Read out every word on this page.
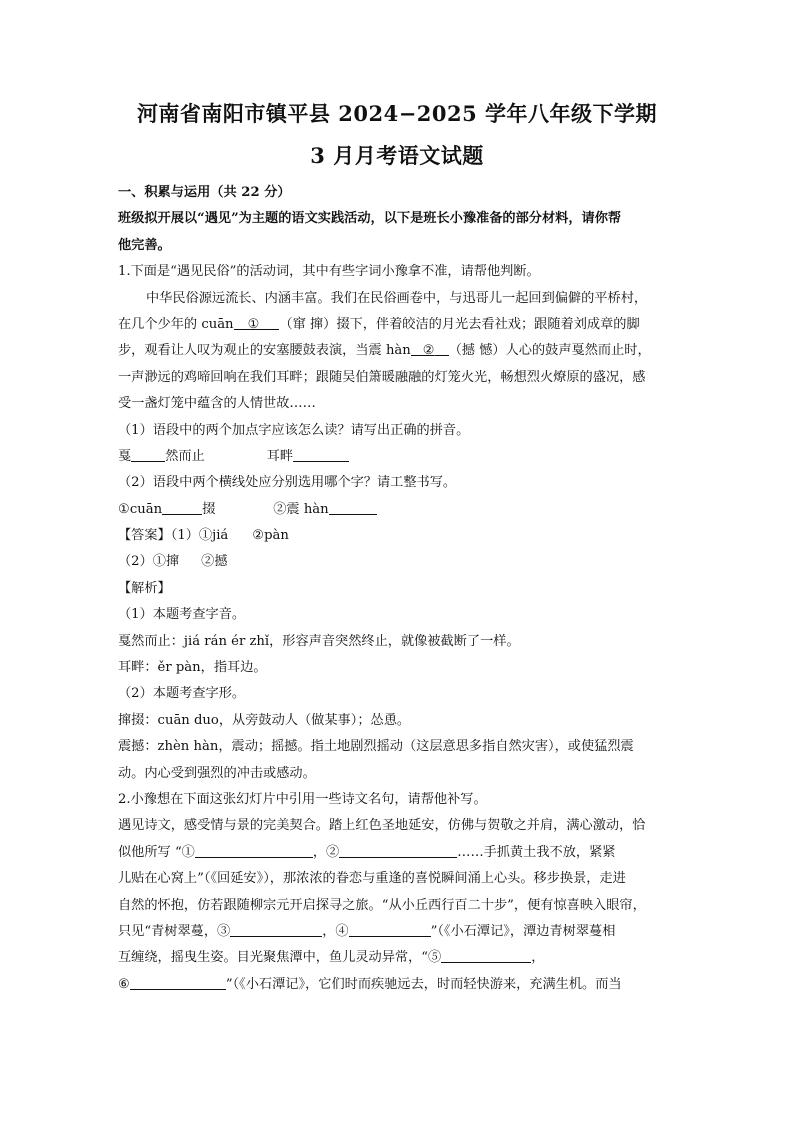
河南省南阳市镇平县 2024−2025 学年八年级下学期
3 月月考语文试题
一、积累与运用（共 22 分）
班级拟开展以“遇见”为主题的语文实践活动，以下是班长小豫准备的部分材料，请你帮
他完善。
1.下面是“遇见民俗”的活动词，其中有些字词小豫拿不准，请帮他判断。
中华民俗源远流长、内涵丰富。我们在民俗画卷中，与迅哥儿一起回到偏僻的平桥村，
在几个少年的 cuān ① （窜 撺）掇下，伴着皎洁的月光去看社戏；跟随着刘成章的脚
步，观看让人叹为观止的安塞腰鼓表演，当震 hàn ② （撼 憾）人心的鼓声戛然而止时，
一声渺远的鸡啼回响在我们耳畔；跟随吴伯箫暖融融的灯笼火光，畅想烈火燎原的盛况，感
受一盏灯笼中蕴含的人情世故……
（1）语段中的两个加点字应该怎么读？请写出正确的拼音。
戛	然而止	耳畔
（2）语段中两个横线处应分别选用哪个字？请工整书写。
①cuān	掇	②震 hàn
【答案】（1）①jiá ②pàn
（2）①撺 ②撼
【解析】
（1）本题考查字音。
戛然而止：jiá rán ér zhǐ，形容声音突然终止，就像被截断了一样。
耳畔：ěr pàn，指耳边。
（2）本题考查字形。
撺掇：cuān duo，从旁鼓动人（做某事）；怂恿。
震撼：zhèn hàn，震动；摇撼。指土地剧烈摇动（这层意思多指自然灾害），或使猛烈震
动。内心受到强烈的冲击或感动。
2.小豫想在下面这张幻灯片中引用一些诗文名句，请帮他补写。
遇见诗文，感受情与景的完美契合。踏上红色圣地延安，仿佛与贺敬之并肩，满心激动，恰
似他所写 “①	，②	……手抓黄土我不放，紧紧
儿贴在心窝上”（《回延安》），那浓浓的眷恋与重逢的喜悦瞬间涌上心头。移步换景，走进
自然的怀抱，仿若跟随柳宗元开启探寻之旅。“从小丘西行百二十步”，便有惊喜映入眼帘，
只见“青树翠蔓，③	，④	”（《小石潭记》，潭边青树翠蔓相
互缠绕，摇曳生姿。目光聚焦潭中，鱼儿灵动异常，“⑤	，
⑥	”（《小石潭记》，它们时而疾驰远去，时而轻快游来，充满生机。而当
